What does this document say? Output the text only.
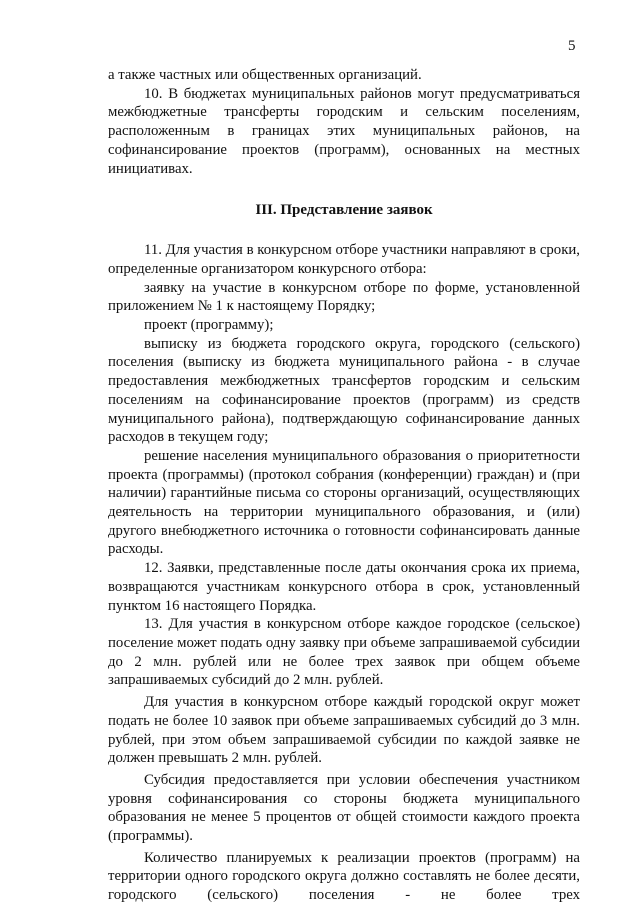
5

а также частных или общественных организаций.

10. В бюджетах муниципальных районов могут предусматриваться межбюджетные трансферты городским и сельским поселениям, расположенным в границах этих муниципальных районов, на софинансирование проектов (программ), основанных на местных инициативах.

III. Представление заявок

11. Для участия в конкурсном отборе участники направляют в сроки, определенные организатором конкурсного отбора:

заявку на участие в конкурсном отборе по форме, установленной приложением № 1 к настоящему Порядку;

проект (программу);

выписку из бюджета городского округа, городского (сельского) поселения (выписку из бюджета муниципального района - в случае предоставления межбюджетных трансфертов городским и сельским поселениям на софинансирование проектов (программ) из средств муниципального района), подтверждающую софинансирование данных расходов в текущем году;

решение населения муниципального образования о приоритетности проекта (программы) (протокол собрания (конференции) граждан) и (при наличии) гарантийные письма со стороны организаций, осуществляющих деятельность на территории муниципального образования, и (или) другого внебюджетного источника о готовности софинансировать данные расходы.

12. Заявки, представленные после даты окончания срока их приема, возвращаются участникам конкурсного отбора в срок, установленный пунктом 16 настоящего Порядка.

13. Для участия в конкурсном отборе каждое городское (сельское) поселение может подать одну заявку при объеме запрашиваемой субсидии до 2 млн. рублей или не более трех заявок при общем объеме запрашиваемых субсидий до 2 млн. рублей.

Для участия в конкурсном отборе каждый городской округ может подать не более 10 заявок при объеме запрашиваемых субсидий до 3 млн. рублей, при этом объем запрашиваемой субсидии по каждой заявке не должен превышать 2 млн. рублей.

Субсидия предоставляется при условии обеспечения участником уровня софинансирования со стороны бюджета муниципального образования не менее 5 процентов от общей стоимости каждого проекта (программы).

Количество планируемых к реализации проектов (программ) на территории одного городского округа должно составлять не более десяти, городского (сельского) поселения - не более трех
